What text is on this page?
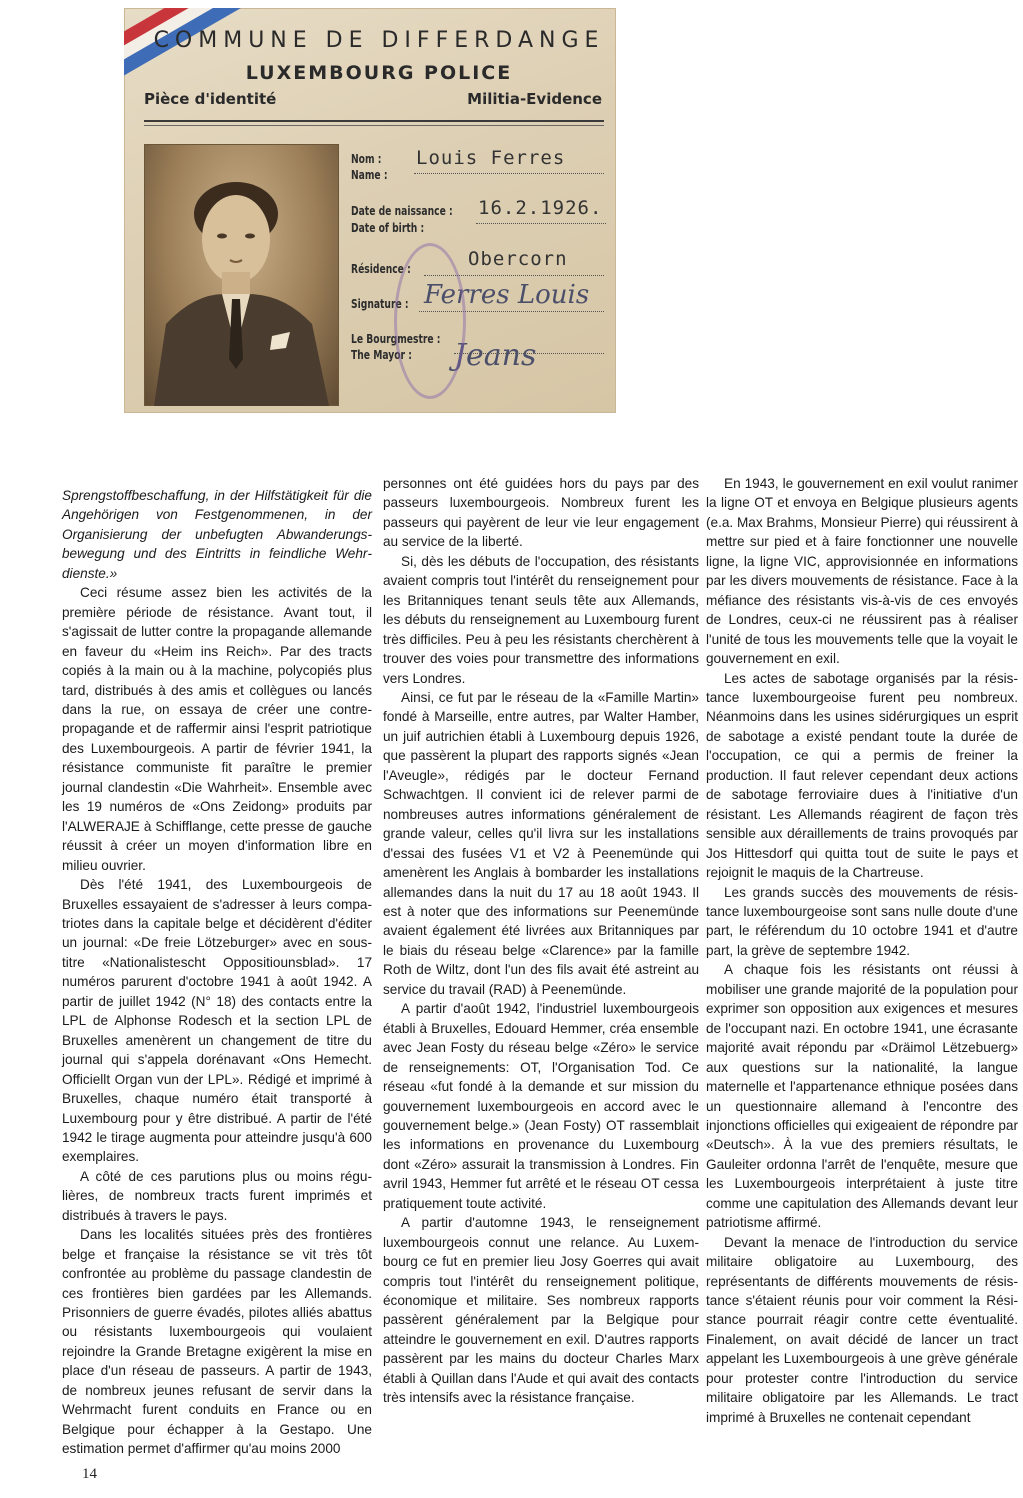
COMMUNE DE DIFFERDANGE
LUXEMBOURG POLICE
Pièce d'identité	Militia-Evidence
Nom :
Name :
Louis Ferres
Date de naissance :
Date of birth :
16.2.1926.
Résidence :	Obercorn
Signature : Ferres Louis
Le Bourgmestre :
The Mayor : Jeans

Sprengstoffbeschaffung, in der Hilfstätigkeit für die Angehörigen von Festgenommenen, in der Organisierung der unbefugten Abwanderungsbewegung und des Eintritts in feindliche Wehrdienste.»

Ceci résume assez bien les activités de la première période de résistance. Avant tout, il s'agissait de lutter contre la propagande allemande en faveur du «Heim ins Reich». Par des tracts copiés à la main ou à la machine, polycopiés plus tard, distribués à des amis et collègues ou lancés dans la rue, on essaya de créer une contre-propagande et de raffermir ainsi l'esprit patriotique des Luxembourgeois. A partir de février 1941, la résistance communiste fit paraître le premier journal clandestin «Die Wahrheit». Ensemble avec les 19 numéros de «Ons Zeidong» produits par l'ALWERAJE à Schifflange, cette presse de gauche réussit à créer un moyen d'information libre en milieu ouvrier.

Dès l'été 1941, des Luxembourgeois de Bruxelles essayaient de s'adresser à leurs compatriotes dans la capitale belge et décidèrent d'éditer un journal: «De freie Lötzeburger» avec en sous-titre «Nationalistescht Oppositiounsblad». 17 numéros parurent d'octobre 1941 à août 1942. A partir de juillet 1942 (N° 18) des contacts entre la LPL de Alphonse Rodesch et la section LPL de Bruxelles amenèrent un changement de titre du journal qui s'appela dorénavant «Ons Hemecht. Officiellt Organ vun der LPL». Rédigé et imprimé à Bruxelles, chaque numéro était transporté à Luxembourg pour y être distribué. A partir de l'été 1942 le tirage augmenta pour atteindre jusqu'à 600 exemplaires.

A côté de ces parutions plus ou moins régulières, de nombreux tracts furent imprimés et distribués à travers le pays.

Dans les localités situées près des frontières belge et française la résistance se vit très tôt confrontée au problème du passage clandestin de ces frontières bien gardées par les Allemands. Prisonniers de guerre évadés, pilotes alliés abattus ou résistants luxembourgeois qui voulaient rejoindre la Grande Bretagne exigèrent la mise en place d'un réseau de passeurs. A partir de 1943, de nombreux jeunes refusant de servir dans la Wehrmacht furent conduits en France ou en Belgique pour échapper à la Gestapo. Une estimation permet d'affirmer qu'au moins 2000

personnes ont été guidées hors du pays par des passeurs luxembourgeois. Nombreux furent les passeurs qui payèrent de leur vie leur engagement au service de la liberté.

Si, dès les débuts de l'occupation, des résistants avaient compris tout l'intérêt du renseignement pour les Britanniques tenant seuls tête aux Allemands, les débuts du renseignement au Luxembourg furent très difficiles. Peu à peu les résistants cherchèrent à trouver des voies pour transmettre des informations vers Londres.

Ainsi, ce fut par le réseau de la «Famille Martin» fondé à Marseille, entre autres, par Walter Hamber, un juif autrichien établi à Luxembourg depuis 1926, que passèrent la plupart des rapports signés «Jean l'Aveugle», rédigés par le docteur Fernand Schwachtgen. Il convient ici de relever parmi de nombreuses autres informations généralement de grande valeur, celles qu'il livra sur les installations d'essai des fusées V1 et V2 à Peenemünde qui amenèrent les Anglais à bombarder les installations allemandes dans la nuit du 17 au 18 août 1943. Il est à noter que des informations sur Peenemünde avaient également été livrées aux Britanniques par le biais du réseau belge «Clarence» par la famille Roth de Wiltz, dont l'un des fils avait été astreint au service du travail (RAD) à Peenemünde.

A partir d'août 1942, l'industriel luxembourgeois établi à Bruxelles, Edouard Hemmer, créa ensemble avec Jean Fosty du réseau belge «Zéro» le service de renseignements: OT, l'Organisation Tod. Ce réseau «fut fondé à la demande et sur mission du gouvernement luxembourgeois en accord avec le gouvernement belge.» (Jean Fosty) OT rassemblait les informations en provenance du Luxembourg dont «Zéro» assurait la transmission à Londres. Fin avril 1943, Hemmer fut arrêté et le réseau OT cessa pratiquement toute activité.

A partir d'automne 1943, le renseignement luxembourgeois connut une relance. Au Luxembourg ce fut en premier lieu Josy Goerres qui avait compris tout l'intérêt du renseignement politique, économique et militaire. Ses nombreux rapports passèrent généralement par la Belgique pour atteindre le gouvernement en exil. D'autres rapports passèrent par les mains du docteur Charles Marx établi à Quillan dans l'Aude et qui avait des contacts très intensifs avec la résistance française.

En 1943, le gouvernement en exil voulut ranimer la ligne OT et envoya en Belgique plusieurs agents (e.a. Max Brahms, Monsieur Pierre) qui réussirent à mettre sur pied et à faire fonctionner une nouvelle ligne, la ligne VIC, approvisionnée en informations par les divers mouvements de résistance. Face à la méfiance des résistants vis-à-vis de ces envoyés de Londres, ceux-ci ne réussirent pas à réaliser l'unité de tous les mouvements telle que la voyait le gouvernement en exil.

Les actes de sabotage organisés par la résistance luxembourgeoise furent peu nombreux. Néanmoins dans les usines sidérurgiques un esprit de sabotage a existé pendant toute la durée de l'occupation, ce qui a permis de freiner la production. Il faut relever cependant deux actions de sabotage ferroviaire dues à l'initiative d'un résistant. Les Allemands réagirent de façon très sensible aux déraillements de trains provoqués par Jos Hittesdorf qui quitta tout de suite le pays et rejoignit le maquis de la Chartreuse.

Les grands succès des mouvements de résistance luxembourgeoise sont sans nulle doute d'une part, le référendum du 10 octobre 1941 et d'autre part, la grève de septembre 1942.

A chaque fois les résistants ont réussi à mobiliser une grande majorité de la population pour exprimer son opposition aux exigences et mesures de l'occupant nazi. En octobre 1941, une écrasante majorité avait répondu par «Dräimol Lëtzebuerg» aux questions sur la nationalité, la langue maternelle et l'appartenance ethnique posées dans un questionnaire allemand à l'encontre des injonctions officielles qui exigeaient de répondre par «Deutsch». À la vue des premiers résultats, le Gauleiter ordonna l'arrêt de l'enquête, mesure que les Luxembourgeois interprétaient à juste titre comme une capitulation des Allemands devant leur patriotisme affirmé.

Devant la menace de l'introduction du service militaire obligatoire au Luxembourg, des représentants de différents mouvements de résistance s'étaient réunis pour voir comment la Résistance pourrait réagir contre cette éventualité. Finalement, on avait décidé de lancer un tract appelant les Luxembourgeois à une grève générale pour protester contre l'introduction du service militaire obligatoire par les Allemands. Le tract imprimé à Bruxelles ne contenait cependant

14
